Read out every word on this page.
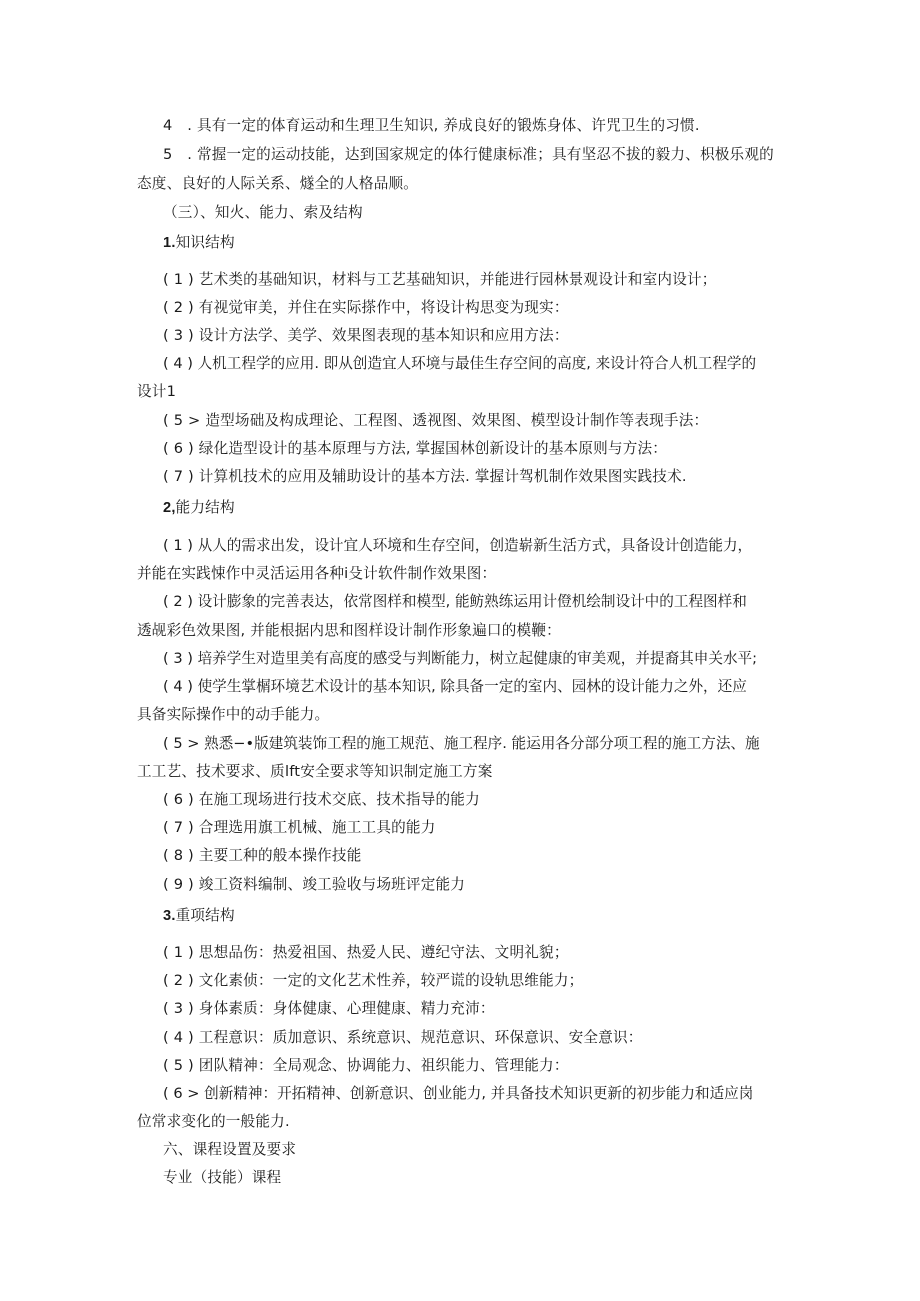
4　. 具有一定的体育运动和生理卫生知识, 养成良好的锻炼身体、许咒卫生的习惯.
5　. 常握一定的运动技能，达到国家规定的体行健康标准；具有坚忍不拔的毅力、枳极乐观的
态度、良好的人际关系、燧全的人格品顺。
（三）、知火、能力、索及结构
1.知识结构
( 1 ) 艺术类的基础知识，材料与工艺基础知识，并能进行园林景观设计和室内设计；
( 2 ) 有视觉审美，并住在实际搽作中，将设计构思变为现实：
( 3 ) 设计方法学、美学、效果图表现的基本知识和应用方法：
( 4 ) 人机工程学的应用. 即从创造宜人环境与最佳生存空间的高度, 来设计符合人机工程学的
设计1
( 5 > 造型场础及构成理论、工程图、透视图、效果图、模型设计制作等表现手法：
( 6 ) 绿化造型设计的基本原理与方法, 掌握国林创新设计的基本原则与方法：
( 7 ) 计算机技术的应用及辅助设计的基本方法. 掌握计驾机制作效果图实践技术.
2,能力结构
( 1 ) 从人的需求出发，设计宜人环境和生存空间，创造崭新生活方式，具备设计创造能力，
并能在实践悚作中灵活运用各种i殳计软件制作效果图：
( 2 ) 设计膨象的完善表达，依常图样和模型, 能鲂熟练运用计僜机绘制设计中的工程图样和
透觇彩色效果图, 并能根据内思和图样设计制作形象遍口的模鞭：
( 3 ) 培养学生对造里美有高度的感受与判断能力，树立起健康的审美观，并提裔其申关水平;
( 4 ) 使学生掌榍环境艺术设计的基本知识, 除具备一定的室内、园林的设计能力之外，还应
具备实际操作中的动手能力。
( 5 > 熟悉−•版建筑装饰工程的施工规范、施工程序. 能运用各分部分项工程的施工方法、施
工工艺、技术要求、质lft安全要求等知识制定施工方案
( 6 ) 在施工现场进行技术交底、技术指导的能力
( 7 ) 合理选用旗工机械、施工工具的能力
( 8 ) 主要工种的般本操作技能
( 9 ) 竣工资料编制、竣工验收与场班评定能力
3.重项结构
( 1 ) 思想品伤：热爱祖国、热爱人民、遵纪守法、文明礼貌；
( 2 ) 文化素侦：一定的文化艺术性养，较严谎的设轨思维能力；
( 3 ) 身体素质：身体健康、心理健康、精力充沛：
( 4 ) 工程意识：质加意识、系统意识、规范意识、环保意识、安全意识：
( 5 ) 团队精神：全局观念、协调能力、祖织能力、管理能力：
( 6 > 创新精神：开拓精神、创新意识、创业能力, 并具备技术知识更新的初步能力和适应岗
位常求变化的一般能力.
六、课程设置及要求
专业（技能）课程
